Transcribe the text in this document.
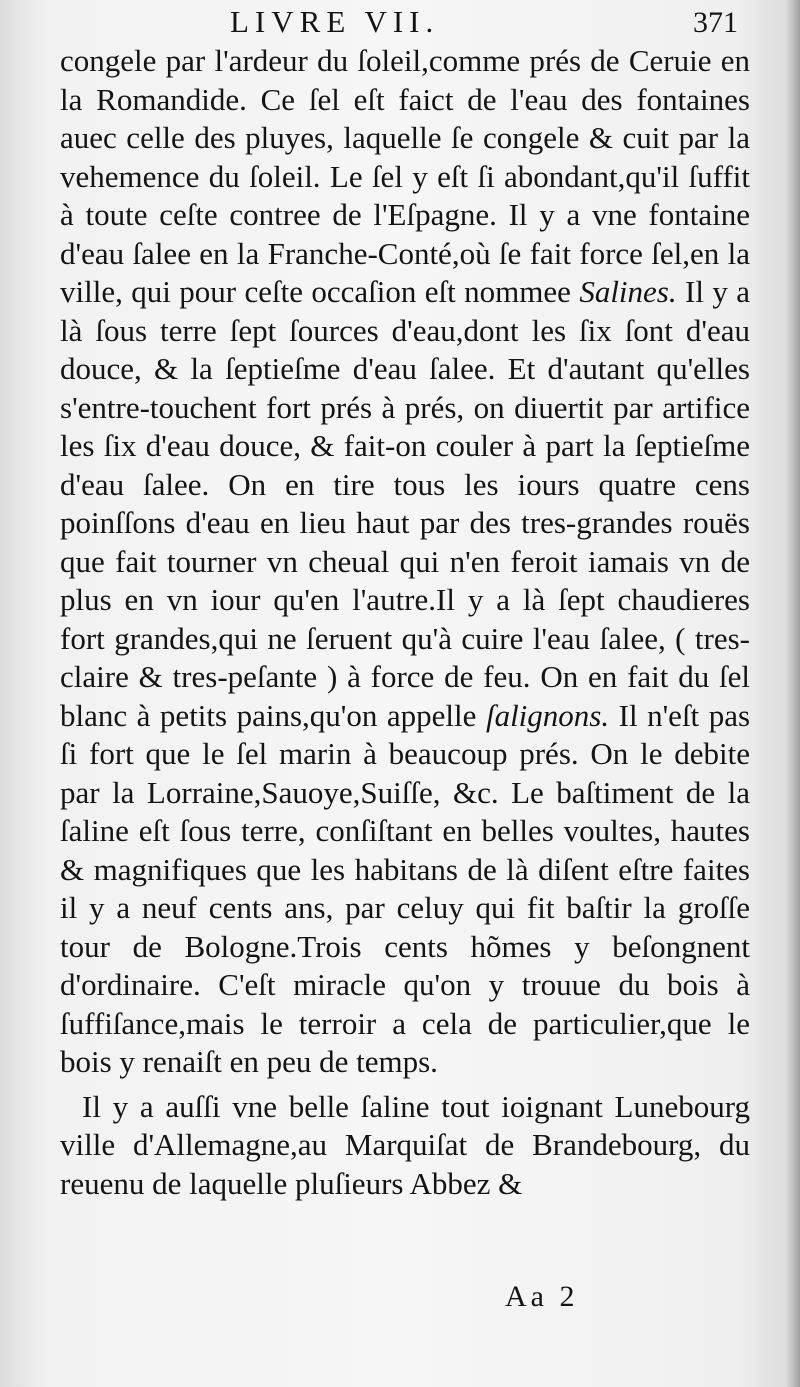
LIVRE VII.	371

congele par l'ardeur du ſoleil,comme prés de Ceruie en la Romandide. Ce ſel eſt faict de l'eau des fontaines auec celle des pluyes, laquelle ſe congele & cuit par la vehemence du ſoleil. Le ſel y eſt ſi abondant,qu'il ſuffit à toute ceſte contree de l'Eſpagne. Il y a vne fontaine d'eau ſalee en la Franche-Conté,où ſe fait force ſel,en la ville, qui pour ceſte occaſion eſt nommee Salines. Il y a là ſous terre ſept ſources d'eau,dont les ſix ſont d'eau douce, & la ſeptieſme d'eau ſalee. Et d'autant qu'elles s'entre-touchent fort prés à prés, on diuertit par artifice les ſix d'eau douce, & fait-on couler à part la ſeptieſme d'eau ſalee. On en tire tous les iours quatre cens poinſſons d'eau en lieu haut par des tres-grandes rouës que fait tourner vn cheual qui n'en feroit iamais vn de plus en vn iour qu'en l'autre.Il y a là ſept chaudieres fort grandes,qui ne ſeruent qu'à cuire l'eau ſalee, ( tres-claire & tres-peſante ) à force de feu. On en fait du ſel blanc à petits pains,qu'on appelle ſalignons. Il n'eſt pas ſi fort que le ſel marin à beaucoup prés. On le debite par la Lorraine,Sauoye,Suiſſe, &c. Le baſtiment de la ſaline eſt ſous terre, conſiſtant en belles voultes, hautes & magnifiques que les habitans de là diſent eſtre faites il y a neuf cents ans, par celuy qui fit baſtir la groſſe tour de Bologne.Trois cents hõmes y beſongnent d'ordinaire. C'eſt miracle qu'on y trouue du bois à ſuffiſance,mais le terroir a cela de particulier,que le bois y renaiſt en peu de temps.

Il y a auſſi vne belle ſaline tout ioignant Lunebourg ville d'Allemagne,au Marquiſat de Brandebourg, du reuenu de laquelle pluſieurs Abbez &

Aa 2
